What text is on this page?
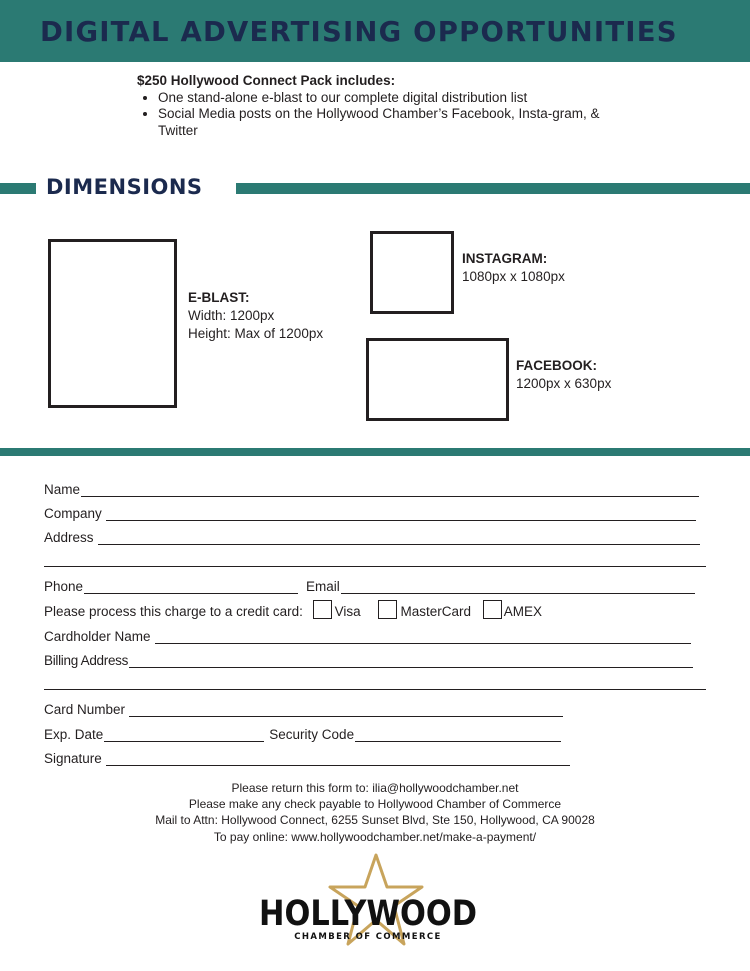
DIGITAL ADVERTISING OPPORTUNITIES
$250 Hollywood Connect Pack includes:
• One stand-alone e-blast to our complete digital distribution list
• Social Media posts on the Hollywood Chamber’s Facebook, Insta-gram, & Twitter
DIMENSIONS
E-BLAST:
Width: 1200px
Height: Max of 1200px
INSTAGRAM:
1080px x 1080px
FACEBOOK:
1200px x 630px
Name
Company
Address
Phone	Email
Please process this charge to a credit card: Visa	MasterCard AMEX
Cardholder Name
Billing Address
Card Number
Exp. Date	Security Code
Signature
Please return this form to: ilia@hollywoodchamber.net
Please make any check payable to Hollywood Chamber of Commerce
Mail to Attn: Hollywood Connect, 6255 Sunset Blvd, Ste 150, Hollywood, CA 90028
To pay online: www.hollywoodchamber.net/make-a-payment/
HOLLYWOOD
CHAMBER OF COMMERCE
